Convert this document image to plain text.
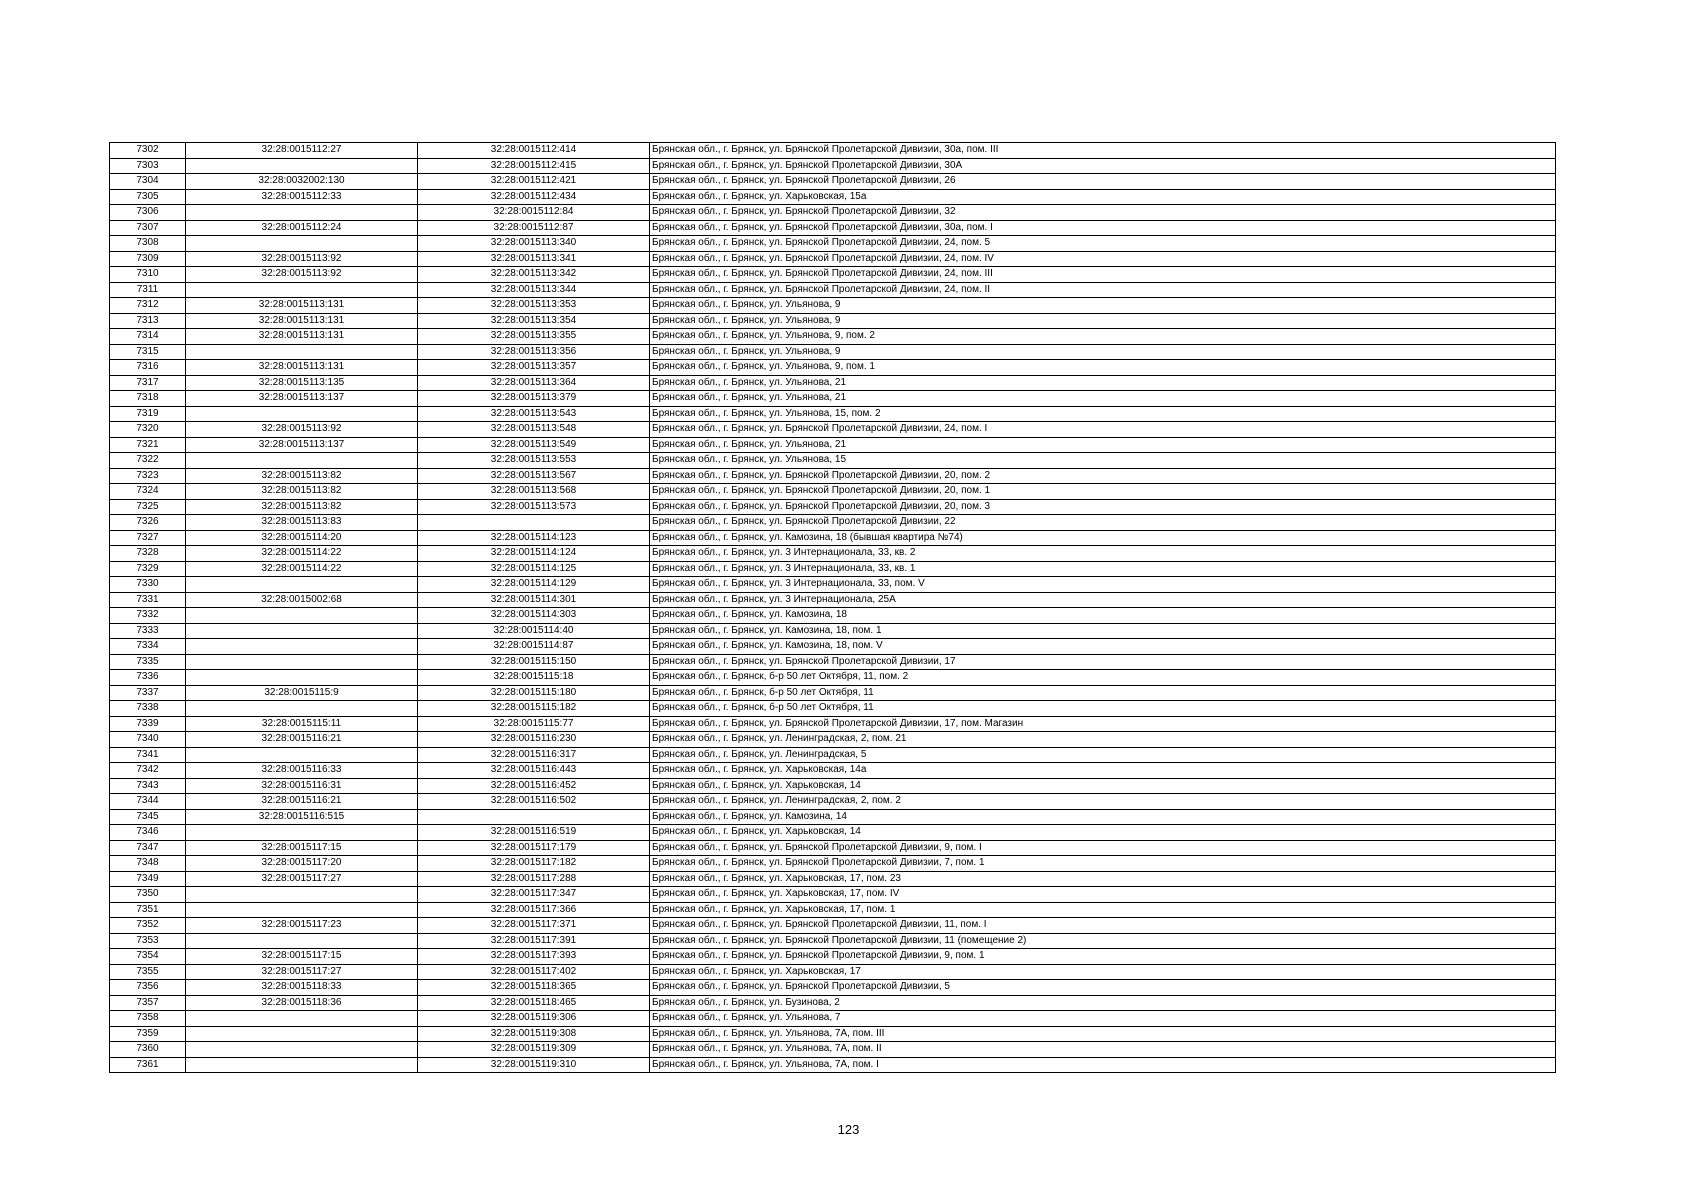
7302	32:28:0015112:27	32:28:0015112:414	Брянская обл., г. Брянск, ул. Брянской Пролетарской Дивизии, 30а, пом. III
7303		32:28:0015112:415	Брянская обл., г. Брянск, ул. Брянской Пролетарской Дивизии, 30А
7304	32:28:0032002:130	32:28:0015112:421	Брянская обл., г. Брянск, ул. Брянской Пролетарской Дивизии, 26
7305	32:28:0015112:33	32:28:0015112:434	Брянская обл., г. Брянск, ул. Харьковская, 15а
7306		32:28:0015112:84	Брянская обл., г. Брянск, ул. Брянской Пролетарской Дивизии, 32
7307	32:28:0015112:24	32:28:0015112:87	Брянская обл., г. Брянск, ул. Брянской Пролетарской Дивизии, 30а, пом. I
7308		32:28:0015113:340	Брянская обл., г. Брянск, ул. Брянской Пролетарской Дивизии, 24, пом. 5
7309	32:28:0015113:92	32:28:0015113:341	Брянская обл., г. Брянск, ул. Брянской Пролетарской Дивизии, 24, пом. IV
7310	32:28:0015113:92	32:28:0015113:342	Брянская обл., г. Брянск, ул. Брянской Пролетарской Дивизии, 24, пом. III
7311		32:28:0015113:344	Брянская обл., г. Брянск, ул. Брянской Пролетарской Дивизии, 24, пом. II
7312	32:28:0015113:131	32:28:0015113:353	Брянская обл., г. Брянск, ул. Ульянова, 9
7313	32:28:0015113:131	32:28:0015113:354	Брянская обл., г. Брянск, ул. Ульянова, 9
7314	32:28:0015113:131	32:28:0015113:355	Брянская обл., г. Брянск, ул. Ульянова, 9, пом. 2
7315		32:28:0015113:356	Брянская обл., г. Брянск, ул. Ульянова, 9
7316	32:28:0015113:131	32:28:0015113:357	Брянская обл., г. Брянск, ул. Ульянова, 9, пом. 1
7317	32:28:0015113:135	32:28:0015113:364	Брянская обл., г. Брянск, ул. Ульянова, 21
7318	32:28:0015113:137	32:28:0015113:379	Брянская обл., г. Брянск, ул. Ульянова, 21
7319		32:28:0015113:543	Брянская обл., г. Брянск, ул. Ульянова, 15, пом. 2
7320	32:28:0015113:92	32:28:0015113:548	Брянская обл., г. Брянск, ул. Брянской Пролетарской Дивизии, 24, пом. I
7321	32:28:0015113:137	32:28:0015113:549	Брянская обл., г. Брянск, ул. Ульянова, 21
7322		32:28:0015113:553	Брянская обл., г. Брянск, ул. Ульянова, 15
7323	32:28:0015113:82	32:28:0015113:567	Брянская обл., г. Брянск, ул. Брянской Пролетарской Дивизии, 20, пом. 2
7324	32:28:0015113:82	32:28:0015113:568	Брянская обл., г. Брянск, ул. Брянской Пролетарской Дивизии, 20, пом. 1
7325	32:28:0015113:82	32:28:0015113:573	Брянская обл., г. Брянск, ул. Брянской Пролетарской Дивизии, 20, пом. 3
7326	32:28:0015113:83		Брянская обл., г. Брянск, ул. Брянской Пролетарской Дивизии, 22
7327	32:28:0015114:20	32:28:0015114:123	Брянская обл., г. Брянск, ул. Камозина, 18 (бывшая квартира №74)
7328	32:28:0015114:22	32:28:0015114:124	Брянская обл., г. Брянск, ул. 3 Интернационала, 33, кв. 2
7329	32:28:0015114:22	32:28:0015114:125	Брянская обл., г. Брянск, ул. 3 Интернационала, 33, кв. 1
7330		32:28:0015114:129	Брянская обл., г. Брянск, ул. 3 Интернационала, 33, пом. V
7331	32:28:0015002:68	32:28:0015114:301	Брянская обл., г. Брянск, ул. 3 Интернационала, 25А
7332		32:28:0015114:303	Брянская обл., г. Брянск, ул. Камозина, 18
7333		32:28:0015114:40	Брянская обл., г. Брянск, ул. Камозина, 18, пом. 1
7334		32:28:0015114:87	Брянская обл., г. Брянск, ул. Камозина, 18, пом. V
7335		32:28:0015115:150	Брянская обл., г. Брянск, ул. Брянской Пролетарской Дивизии, 17
7336		32:28:0015115:18	Брянская обл., г. Брянск, б-р 50 лет Октября, 11, пом. 2
7337	32:28:0015115:9	32:28:0015115:180	Брянская обл., г. Брянск, б-р 50 лет Октября, 11
7338		32:28:0015115:182	Брянская обл., г. Брянск, б-р 50 лет Октября, 11
7339	32:28:0015115:11	32:28:0015115:77	Брянская обл., г. Брянск, ул. Брянской Пролетарской Дивизии, 17, пом. Магазин
7340	32:28:0015116:21	32:28:0015116:230	Брянская обл., г. Брянск, ул. Ленинградская, 2, пом. 21
7341		32:28:0015116:317	Брянская обл., г. Брянск, ул. Ленинградская, 5
7342	32:28:0015116:33	32:28:0015116:443	Брянская обл., г. Брянск, ул. Харьковская, 14а
7343	32:28:0015116:31	32:28:0015116:452	Брянская обл., г. Брянск, ул. Харьковская, 14
7344	32:28:0015116:21	32:28:0015116:502	Брянская обл., г. Брянск, ул. Ленинградская, 2, пом. 2
7345	32:28:0015116:515		Брянская обл., г. Брянск, ул. Камозина, 14
7346		32:28:0015116:519	Брянская обл., г. Брянск, ул. Харьковская, 14
7347	32:28:0015117:15	32:28:0015117:179	Брянская обл., г. Брянск, ул. Брянской Пролетарской Дивизии, 9, пом. I
7348	32:28:0015117:20	32:28:0015117:182	Брянская обл., г. Брянск, ул. Брянской Пролетарской Дивизии, 7, пом. 1
7349	32:28:0015117:27	32:28:0015117:288	Брянская обл., г. Брянск, ул. Харьковская, 17, пом. 23
7350		32:28:0015117:347	Брянская обл., г. Брянск, ул. Харьковская, 17, пом. IV
7351		32:28:0015117:366	Брянская обл., г. Брянск, ул. Харьковская, 17, пом. 1
7352	32:28:0015117:23	32:28:0015117:371	Брянская обл., г. Брянск, ул. Брянской Пролетарской Дивизии, 11, пом. I
7353		32:28:0015117:391	Брянская обл., г. Брянск, ул. Брянской Пролетарской Дивизии, 11 (помещение 2)
7354	32:28:0015117:15	32:28:0015117:393	Брянская обл., г. Брянск, ул. Брянской Пролетарской Дивизии, 9, пом. 1
7355	32:28:0015117:27	32:28:0015117:402	Брянская обл., г. Брянск, ул. Харьковская, 17
7356	32:28:0015118:33	32:28:0015118:365	Брянская обл., г. Брянск, ул. Брянской Пролетарской Дивизии, 5
7357	32:28:0015118:36	32:28:0015118:465	Брянская обл., г. Брянск, ул. Бузинова, 2
7358		32:28:0015119:306	Брянская обл., г. Брянск, ул. Ульянова, 7
7359		32:28:0015119:308	Брянская обл., г. Брянск, ул. Ульянова, 7А, пом. III
7360		32:28:0015119:309	Брянская обл., г. Брянск, ул. Ульянова, 7А, пом. II
7361		32:28:0015119:310	Брянская обл., г. Брянск, ул. Ульянова, 7А, пом. I
123
